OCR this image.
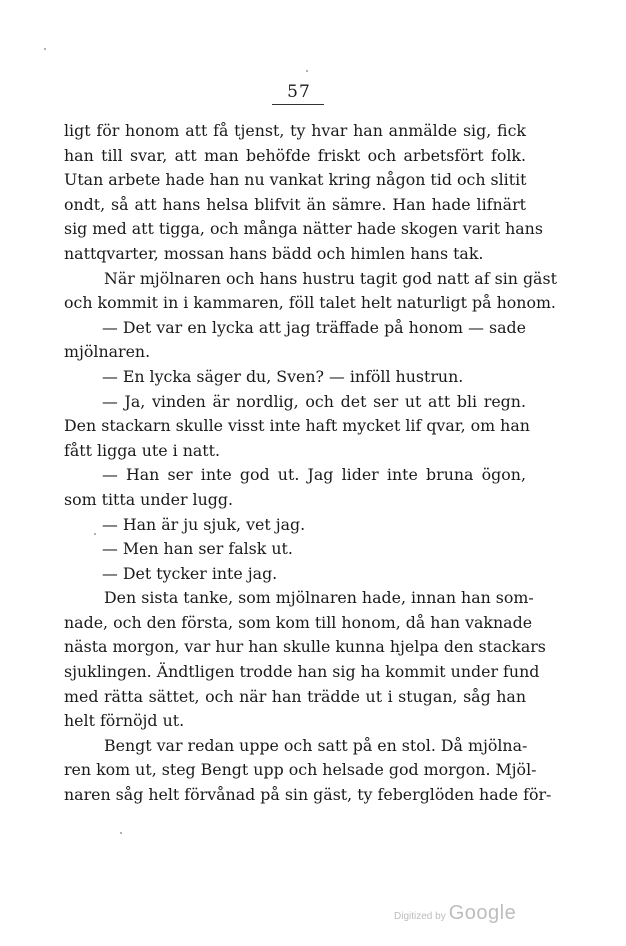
57
ligt för honom att få tjenst, ty hvar han anmälde sig, fick
han till svar, att man behöfde friskt och arbetsfört folk.
Utan arbete hade han nu vankat kring någon tid och slitit
ondt, så att hans helsa blifvit än sämre. Han hade lifnärt
sig med att tigga, och många nätter hade skogen varit hans
nattqvarter, mossan hans bädd och himlen hans tak.
När mjölnaren och hans hustru tagit god natt af sin gäst
och kommit in i kammaren, föll talet helt naturligt på honom.
— Det var en lycka att jag träffade på honom — sade
mjölnaren.
— En lycka säger du, Sven? — inföll hustrun.
— Ja, vinden är nordlig, och det ser ut att bli regn.
Den stackarn skulle visst inte haft mycket lif qvar, om han
fått ligga ute i natt.
— Han ser inte god ut. Jag lider inte bruna ögon,
som titta under lugg.
— Han är ju sjuk, vet jag.
— Men han ser falsk ut.
— Det tycker inte jag.
Den sista tanke, som mjölnaren hade, innan han som-
nade, och den första, som kom till honom, då han vaknade
nästa morgon, var hur han skulle kunna hjelpa den stackars
sjuklingen. Ändtligen trodde han sig ha kommit under fund
med rätta sättet, och när han trädde ut i stugan, såg han
helt förnöjd ut.
Bengt var redan uppe och satt på en stol. Då mjölna-
ren kom ut, steg Bengt upp och helsade god morgon. Mjöl-
naren såg helt förvånad på sin gäst, ty feberglöden hade för-
Digitized by Google
